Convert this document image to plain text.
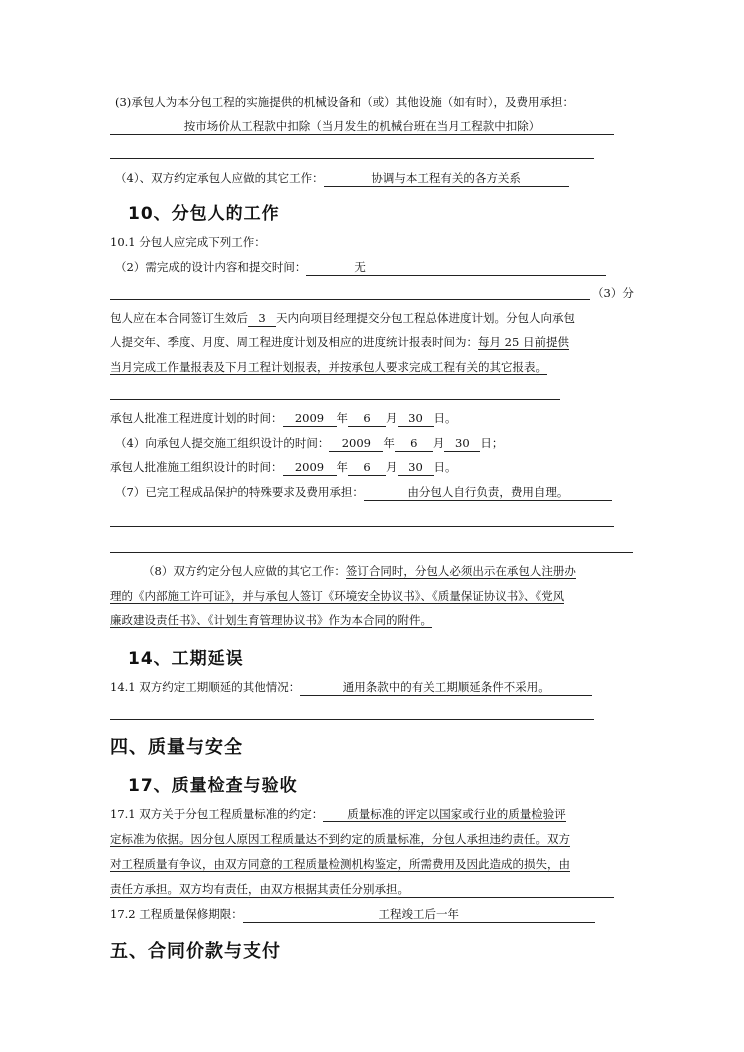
(3)承包人为本分包工程的实施提供的机械设备和（或）其他设施（如有时），及费用承担：
按市场价从工程款中扣除（当月发生的机械台班在当月工程款中扣除）
（4）、双方约定承包人应做的其它工作：	协调与本工程有关的各方关系
10、分包人的工作
10.1 分包人应完成下列工作：
（2）需完成的设计内容和提交时间：	无
（3）分
包人应在本合同签订生效后 3 天内向项目经理提交分包工程总体进度计划。分包人向承包
人提交年、季度、月度、周工程进度计划及相应的进度统计报表时间为：每月 25 日前提供
当月完成工作量报表及下月工程计划报表，并按承包人要求完成工程有关的其它报表。
承包人批准工程进度计划的时间： 2009 年 6 月 30 日。
（4）向承包人提交施工组织设计的时间： 2009 年 6 月 30 日；
承包人批准施工组织设计的时间： 2009 年 6 月 30 日。
（7）已完工程成品保护的特殊要求及费用承担：	由分包人自行负责，费用自理。
（8）双方约定分包人应做的其它工作：签订合同时，分包人必须出示在承包人注册办
理的《内部施工许可证》，并与承包人签订《环境安全协议书》、《质量保证协议书》、《党风
廉政建设责任书》、《计划生育管理协议书》作为本合同的附件。
14、工期延误
14.1 双方约定工期顺延的其他情况：	通用条款中的有关工期顺延条件不采用。
四、质量与安全
17、质量检查与验收
17.1 双方关于分包工程质量标准的约定： 质量标准的评定以国家或行业的质量检验评
定标准为依据。因分包人原因工程质量达不到约定的质量标准，分包人承担违约责任。双方
对工程质量有争议，由双方同意的工程质量检测机构鉴定，所需费用及因此造成的损失，由
责任方承担。双方均有责任，由双方根据其责任分别承担。
17.2 工程质量保修期限：	工程竣工后一年
五、合同价款与支付
